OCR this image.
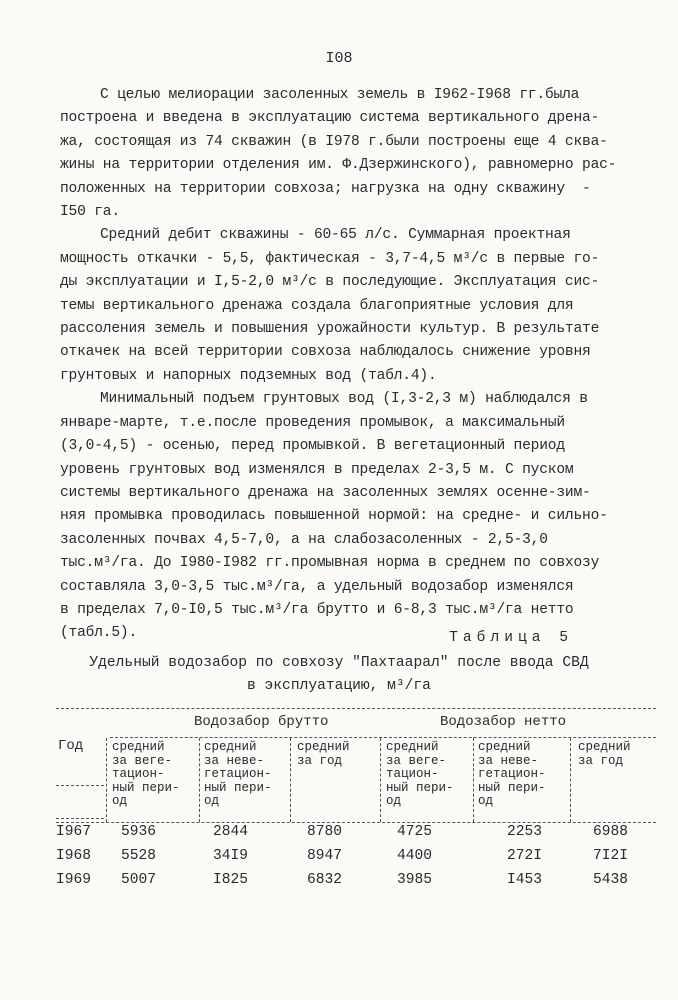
I08
С целью мелиорации засоленных земель в I962-I968 гг.была
построена и введена в эксплуатацию система вертикального дрена-
жа, состоящая из 74 скважин (в I978 г.были построены еще 4 сква-
жины на территории отделения им. Ф.Дзержинского), равномерно рас-
положенных на территории совхоза; нагрузка на одну скважину  -
I50 га.
Средний дебит скважины - 60-65 л/с. Суммарная проектная
мощность откачки - 5,5, фактическая - 3,7-4,5 м³/с в первые го-
ды эксплуатации и I,5-2,0 м³/с в последующие. Эксплуатация сис-
темы вертикального дренажа создала благоприятные условия для
рассоления земель и повышения урожайности культур. В результате
откачек на всей территории совхоза наблюдалось снижение уровня
грунтовых и напорных подземных вод (табл.4).
Минимальный подъем грунтовых вод (I,3-2,3 м) наблюдался в
январе-марте, т.е.после проведения промывок, а максимальный
(3,0-4,5) - осенью, перед промывкой. В вегетационный период
уровень грунтовых вод изменялся в пределах 2-3,5 м. С пуском
системы вертикального дренажа на засоленных землях осенне-зим-
няя промывка проводилась повышенной нормой: на средне- и сильно-
засоленных почвах 4,5-7,0, а на слабозасоленных - 2,5-3,0
тыс.м³/га. До I980-I982 гг.промывная норма в среднем по совхозу
составляла 3,0-3,5 тыс.м³/га, а удельный водозабор изменялся
в пределах 7,0-I0,5 тыс.м³/га брутто и 6-8,3 тыс.м³/га нетто
(табл.5).	Таблица 5
Удельный водозабор по совхозу "Пахтаарал" после ввода СВД
в эксплуатацию, м³/га
Год
Водозабор брутто	Водозабор нетто
средний
за веге-
тацион-
ный пери-
од
средний
за неве-
гетацион-
ный пери-
од
средний
за год
средний
за веге-
тацион-
ный пери-
од
средний
за неве-
гетацион-
ный пери-
од
средний
за год
I967	5936	2844	8780	4725	2253	6988
I968	5528	34I9	8947	4400	272I	7I2I
I969	5007	I825	6832	3985	I453	5438
